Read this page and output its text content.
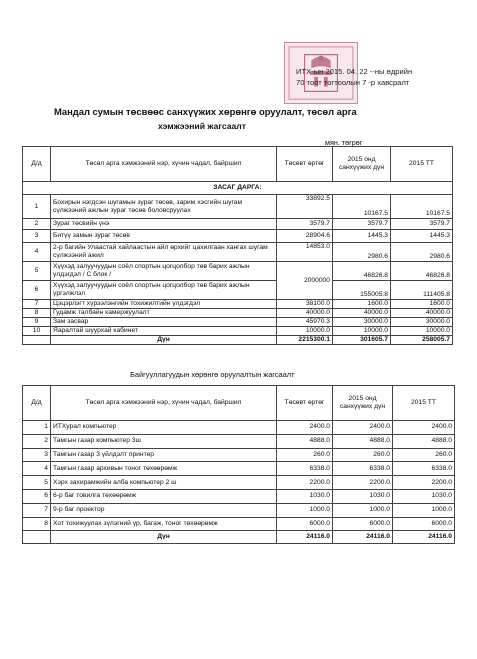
ИТХ-ын 2015. 04. 22 --ны өдрийн
70 тоот тогтоолын 7 -р хавсралт
Мандал сумын төсвөөс санхүүжих хөрөнгө оруулалт, төсөл арга
хэмжээний жагсаалт
мян. төгрөг
Д/д	Төсөл арга хэмжээний нэр, хүчин чадал, байршил	Төсөвт өртөг	2015 онд санхүүжих дүн	2015 ТТ
ЗАСАГ ДАРГА:				
1	Бохирын нэгдсэн шугамын зураг төсөв, зарим хэсгийн шугам сүлжээний ажлын зураг төсөв боловсруулах	33892.5	10167.5	10167.5
2	Зураг төсвийн үнэ	3579.7	3579.7	3579.7
3	Битүү замын зураг төсөв	28904.6	1445.3	1445.3
4	2-р багийн Улаастай хайлаастын айл өрхийг цахилгаан хангах шугам сүлжээний ажил	14853.0	2980.6	2980.6
5	Хүүхэд залуучуудын соёл спортын цогцолбор төв барих ажлын үлдэгдэл / С блок /	2000000	46826.8	46826.8
6	Хүүхэд залуучуудын соёл спортын цогцолбор төв барих ажлын үргэлжлэл		155005.8	111405.8
7	Цэцэрлэгт хүрээлэнгийн тохижилтийн үлдэгдэл	38100.0	1600.0	1600.0
8	Гудамж талбайн камержуулалт	40000.0	40000.0	40000.0
9	Зам засвар	45970.3	30000.0	30000.0
10	Яаралтай шуурхай кабинет	10000.0	10000.0	10000.0
	Дүн	2215300.1	301605.7	258005.7
Байгууллагуудын хөрөнгө оруулалтын жагсаалт
Д/д	Төсөл арга хэмжээний нэр, хүчин чадал, байршил	Төсөвт өртөг	2015 онд санхүүжих дүн	2015 ТТ
1	ИТХурал компьютер	2400.0	2400.0	2400.0
2	Тамгын газар компьютер 3ш	4888.0	4888.0	4888.0
3	Тамгын газар 3 үйлдэлт принтер	260.0	260.0	260.0
4	Тамгын газар архивын тоног төхөөрөмж	6338.0	6338.0	6338.0
5	Хэрх захирамжийн алба компьютер 2 ш	2200.0	2200.0	2200.0
6	6-р баг товилга төхөөрөмж	1030.0	1030.0	1030.0
7	9-р баг проектор	1000.0	1000.0	1000.0
8	Хот тохижуулах зүлэгний үр, багаж, тоног төхөөрөмж	6000.0	6000.0	6000.0
	Дүн	24116.0	24116.0	24116.0
